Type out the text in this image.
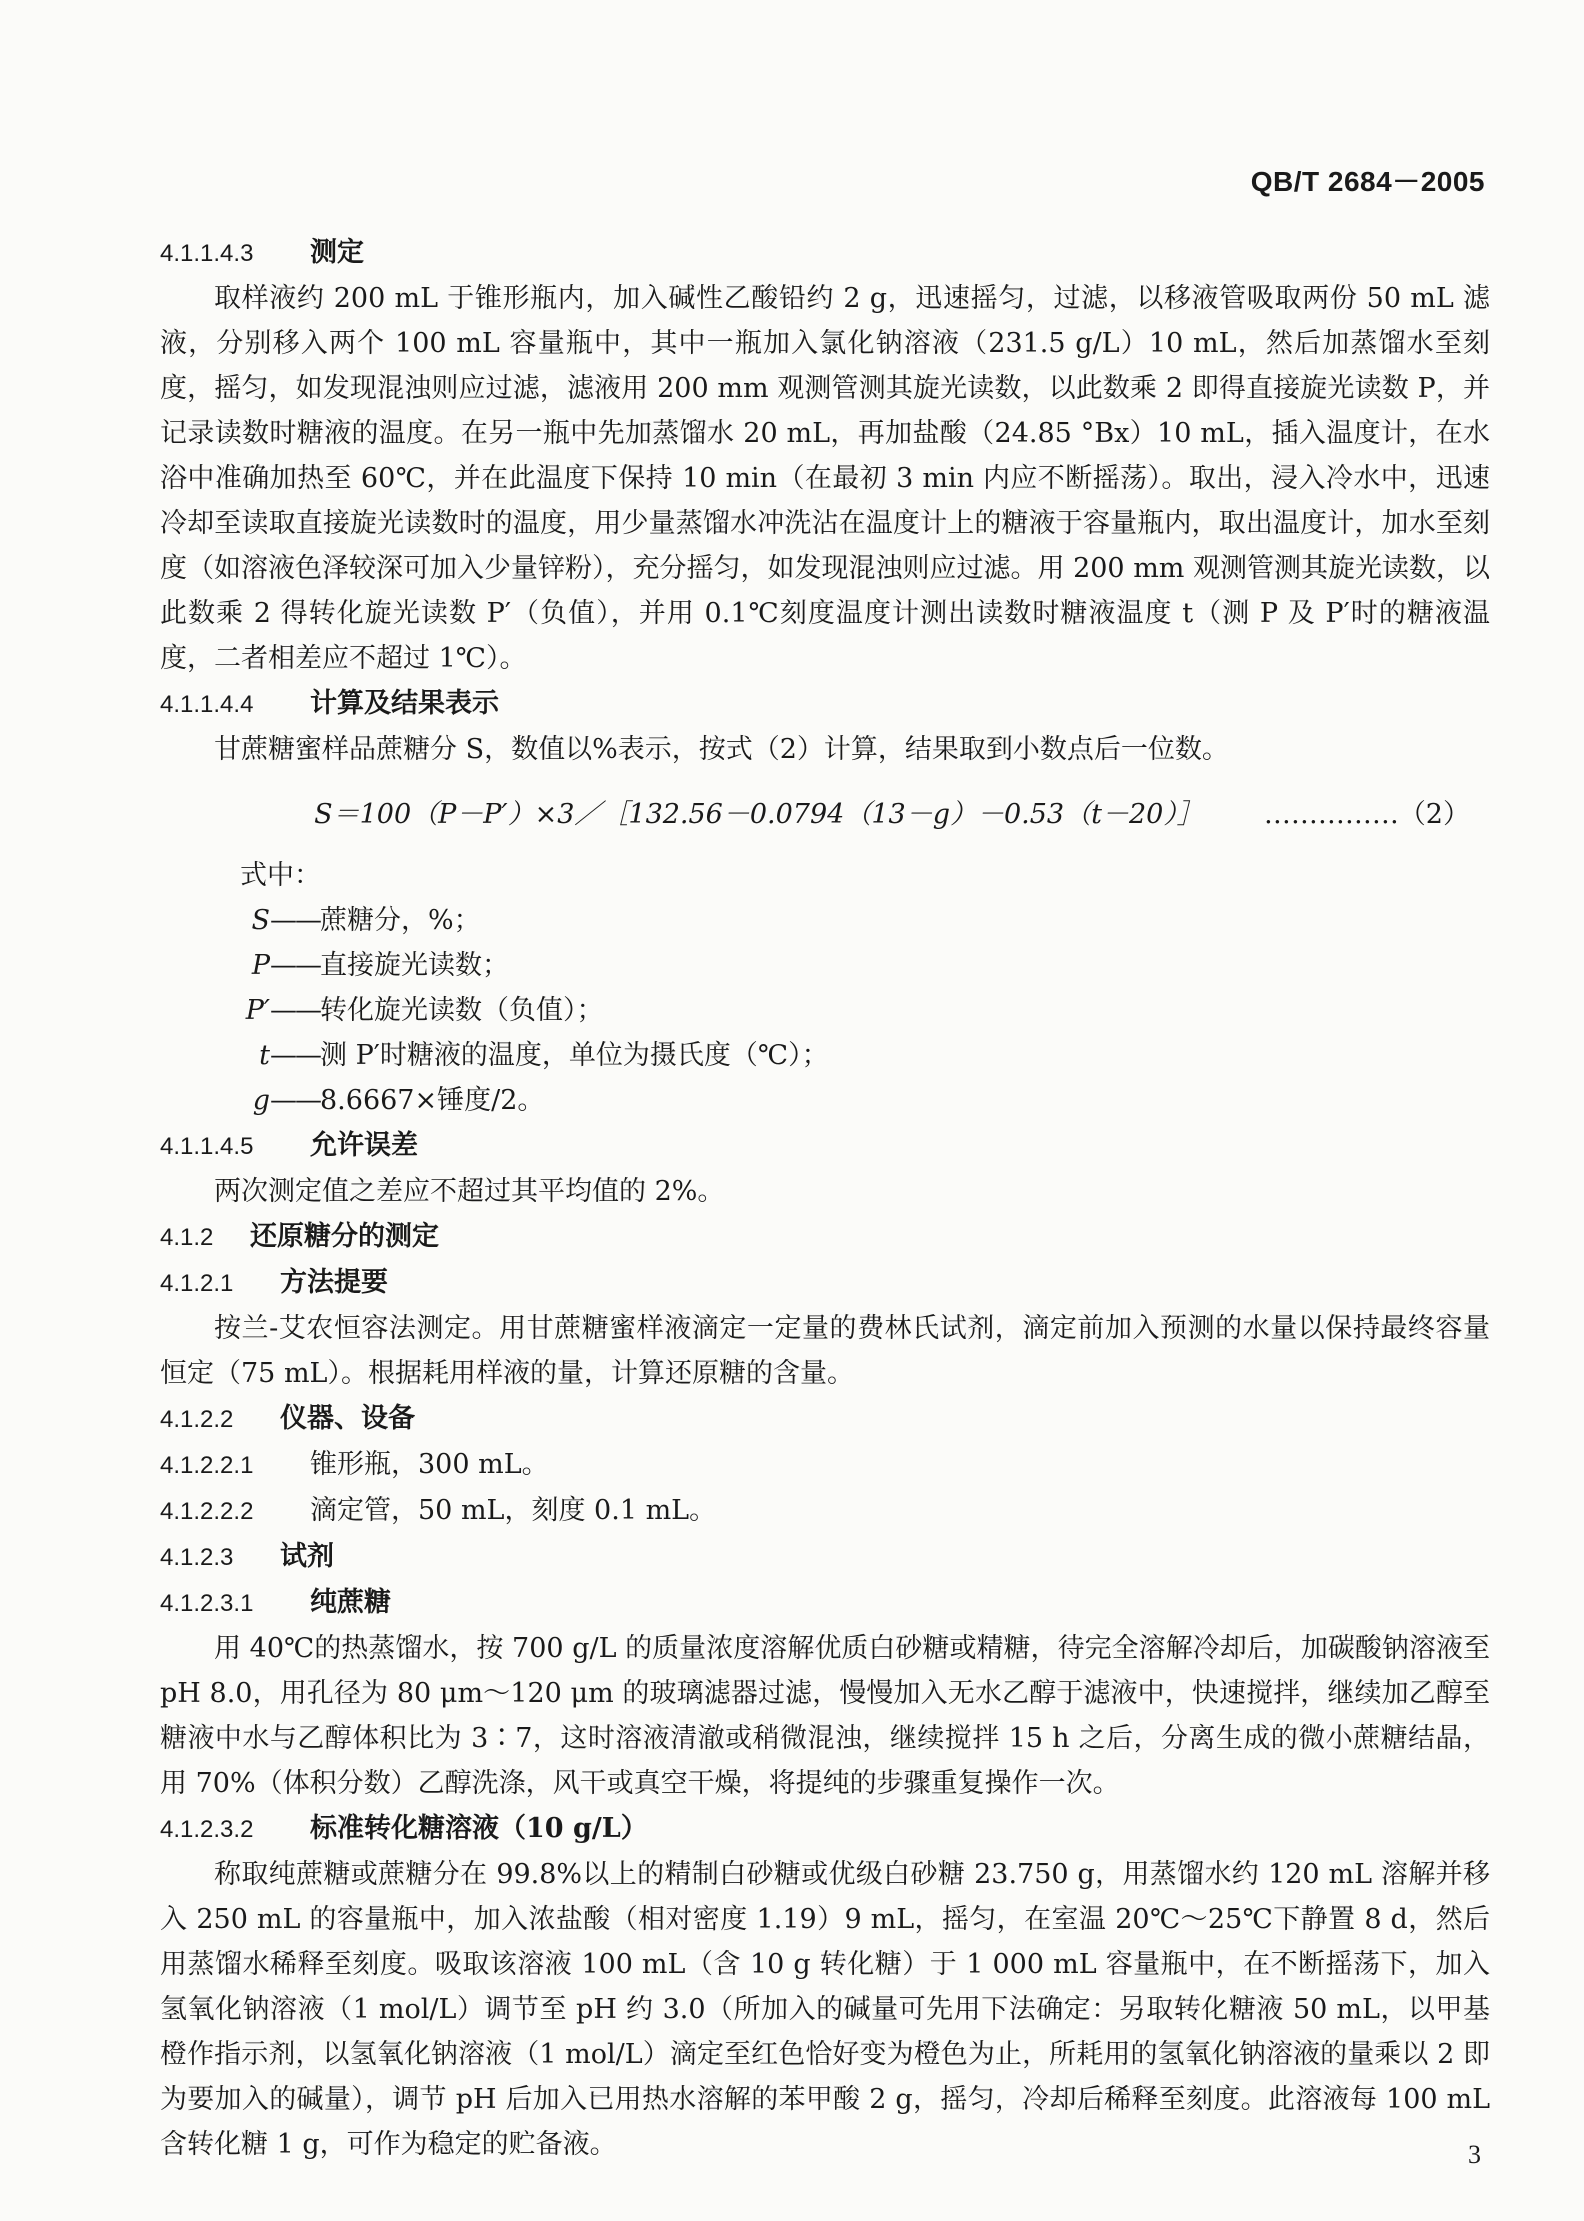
QB/T 2684－2005
4.1.1.4.3 测定
取样液约 200 mL 于锥形瓶内，加入碱性乙酸铅约 2 g，迅速摇匀，过滤，以移液管吸取两份 50 mL 滤液，分别移入两个 100 mL 容量瓶中，其中一瓶加入氯化钠溶液（231.5 g/L）10 mL，然后加蒸馏水至刻度，摇匀，如发现混浊则应过滤，滤液用 200 mm 观测管测其旋光读数，以此数乘 2 即得直接旋光读数 P，并记录读数时糖液的温度。在另一瓶中先加蒸馏水 20 mL，再加盐酸（24.85 °Bx）10 mL，插入温度计，在水浴中准确加热至 60℃，并在此温度下保持 10 min（在最初 3 min 内应不断摇荡）。取出，浸入冷水中，迅速冷却至读取直接旋光读数时的温度，用少量蒸馏水冲洗沾在温度计上的糖液于容量瓶内，取出温度计，加水至刻度（如溶液色泽较深可加入少量锌粉），充分摇匀，如发现混浊则应过滤。用 200 mm 观测管测其旋光读数，以此数乘 2 得转化旋光读数 P′（负值），并用 0.1℃刻度温度计测出读数时糖液温度 t（测 P 及 P′时的糖液温度，二者相差应不超过 1℃）。
4.1.1.4.4 计算及结果表示
甘蔗糖蜜样品蔗糖分 S，数值以%表示，按式（2）计算，结果取到小数点后一位数。
S＝100（P－P′）×3／［132.56－0.0794（13－g）－0.53（t－20）］ ……………（2）
式中：
S——蔗糖分，%；
P——直接旋光读数；
P′——转化旋光读数（负值）；
t——测 P′时糖液的温度，单位为摄氏度（℃）；
g——8.6667×锤度/2。
4.1.1.4.5 允许误差
两次测定值之差应不超过其平均值的 2%。
4.1.2 还原糖分的测定
4.1.2.1 方法提要
按兰-艾农恒容法测定。用甘蔗糖蜜样液滴定一定量的费林氏试剂，滴定前加入预测的水量以保持最终容量恒定（75 mL）。根据耗用样液的量，计算还原糖的含量。
4.1.2.2 仪器、设备
4.1.2.2.1 锥形瓶，300 mL。
4.1.2.2.2 滴定管，50 mL，刻度 0.1 mL。
4.1.2.3 试剂
4.1.2.3.1 纯蔗糖
用 40℃的热蒸馏水，按 700 g/L 的质量浓度溶解优质白砂糖或精糖，待完全溶解冷却后，加碳酸钠溶液至 pH 8.0，用孔径为 80 μm～120 μm 的玻璃滤器过滤，慢慢加入无水乙醇于滤液中，快速搅拌，继续加乙醇至糖液中水与乙醇体积比为 3∶7，这时溶液清澈或稍微混浊，继续搅拌 15 h 之后，分离生成的微小蔗糖结晶，用 70%（体积分数）乙醇洗涤，风干或真空干燥，将提纯的步骤重复操作一次。
4.1.2.3.2 标准转化糖溶液（10 g/L）
称取纯蔗糖或蔗糖分在 99.8%以上的精制白砂糖或优级白砂糖 23.750 g，用蒸馏水约 120 mL 溶解并移入 250 mL 的容量瓶中，加入浓盐酸（相对密度 1.19）9 mL，摇匀，在室温 20℃～25℃下静置 8 d，然后用蒸馏水稀释至刻度。吸取该溶液 100 mL（含 10 g 转化糖）于 1 000 mL 容量瓶中，在不断摇荡下，加入氢氧化钠溶液（1 mol/L）调节至 pH 约 3.0（所加入的碱量可先用下法确定：另取转化糖液 50 mL，以甲基橙作指示剂，以氢氧化钠溶液（1 mol/L）滴定至红色恰好变为橙色为止，所耗用的氢氧化钠溶液的量乘以 2 即为要加入的碱量），调节 pH 后加入已用热水溶解的苯甲酸 2 g，摇匀，冷却后稀释至刻度。此溶液每 100 mL 含转化糖 1 g，可作为稳定的贮备液。	3
